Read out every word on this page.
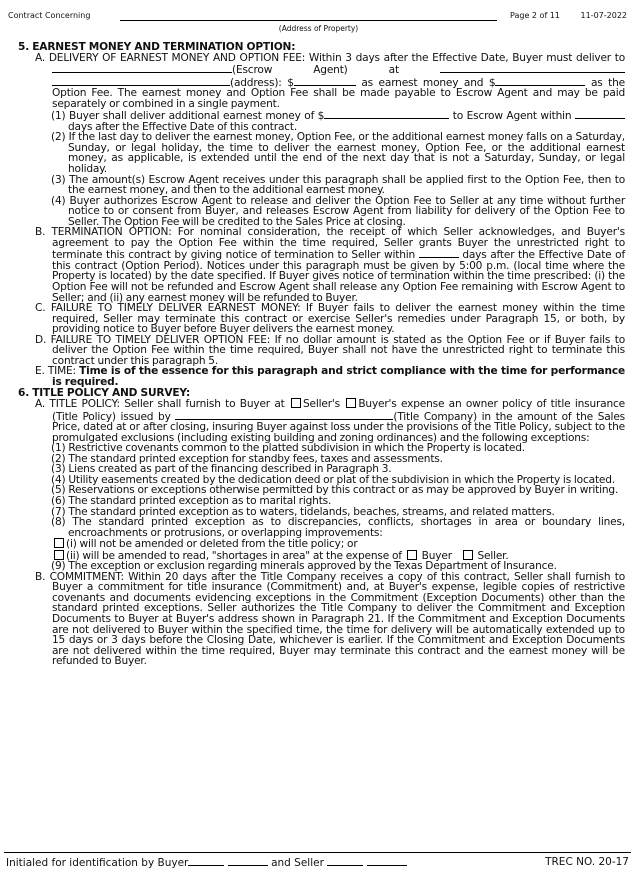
Contract Concerning	Page 2 of 11	11-07-2022
(Address of Property)

5. EARNEST MONEY AND TERMINATION OPTION:

A. DELIVERY OF EARNEST MONEY AND OPTION FEE: Within 3 days after the Effective Date, Buyer must deliver to(Escrow Agent) at (address): $	as earnest money and $	as the Option Fee. The earnest money and Option Fee shall be made payable to Escrow Agent and may be paid separately or combined in a single payment.

(1) Buyer shall deliver additional earnest money of $	to Escrow Agent within  days after the Effective Date of this contract.

(2) If the last day to deliver the earnest money, Option Fee, or the additional earnest money falls on a Saturday, Sunday, or legal holiday, the time to deliver the earnest money, Option Fee, or the additional earnest money, as applicable, is extended until the end of the next day that is not a Saturday, Sunday, or legal holiday.

(3) The amount(s) Escrow Agent receives under this paragraph shall be applied first to the Option Fee, then to the earnest money, and then to the additional earnest money.

(4) Buyer authorizes Escrow Agent to release and deliver the Option Fee to Seller at any time without further notice to or consent from Buyer, and releases Escrow Agent from liability for delivery of the Option Fee to Seller. The Option Fee will be credited to the Sales Price at closing.

B. TERMINATION OPTION: For nominal consideration, the receipt of which Seller acknowledges, and Buyer's agreement to pay the Option Fee within the time required, Seller grants Buyer the unrestricted right to terminate this contract by giving notice of termination to Seller within	days after the Effective Date of this contract (Option Period). Notices under this paragraph must be given by 5:00 p.m. (local time where the Property is located) by the date specified. If Buyer gives notice of termination within the time prescribed: (i) the Option Fee will not be refunded and Escrow Agent shall release any Option Fee remaining with Escrow Agent to Seller; and (ii) any earnest money will be refunded to Buyer.

C. FAILURE TO TIMELY DELIVER EARNEST MONEY: If Buyer fails to deliver the earnest money within the time required, Seller may terminate this contract or exercise Seller's remedies under Paragraph 15, or both, by providing notice to Buyer before Buyer delivers the earnest money.

D. FAILURE TO TIMELY DELIVER OPTION FEE: If no dollar amount is stated as the Option Fee or if Buyer fails to deliver the Option Fee within the time required, Buyer shall not have the unrestricted right to terminate this contract under this paragraph 5.

E. TIME: Time is of the essence for this paragraph and strict compliance with the time for performance is required.

6. TITLE POLICY AND SURVEY:

A. TITLE POLICY: Seller shall furnish to Buyer at Seller's Buyer's expense an owner policy of title insurance (Title Policy) issued by	(Title Company) in the amount of the Sales Price, dated at or after closing, insuring Buyer against loss under the provisions of the Title Policy, subject to the promulgated exclusions (including existing building and zoning ordinances) and the following exceptions:

(1) Restrictive covenants common to the platted subdivision in which the Property is located.

(2) The standard printed exception for standby fees, taxes and assessments.

(3) Liens created as part of the financing described in Paragraph 3.

(4) Utility easements created by the dedication deed or plat of the subdivision in which the Property is located.

(5) Reservations or exceptions otherwise permitted by this contract or as may be approved by Buyer in writing.

(6) The standard printed exception as to marital rights.

(7) The standard printed exception as to waters, tidelands, beaches, streams, and related matters.

(8) The standard printed exception as to discrepancies, conflicts, shortages in area or boundary lines, encroachments or protrusions, or overlapping improvements:

(i) will not be amended or deleted from the title policy; or

(ii) will be amended to read, "shortages in area" at the expense of Buyer Seller.

(9) The exception or exclusion regarding minerals approved by the Texas Department of Insurance.

B. COMMITMENT: Within 20 days after the Title Company receives a copy of this contract, Seller shall furnish to Buyer a commitment for title insurance (Commitment) and, at Buyer's expense, legible copies of restrictive covenants and documents evidencing exceptions in the Commitment (Exception Documents) other than the standard printed exceptions. Seller authorizes the Title Company to deliver the Commitment and Exception Documents to Buyer at Buyer's address shown in Paragraph 21. If the Commitment and Exception Documents are not delivered to Buyer within the specified time, the time for delivery will be automatically extended up to 15 days or 3 days before the Closing Date, whichever is earlier. If the Commitment and Exception Documents are not delivered within the time required, Buyer may terminate this contract and the earnest money will be refunded to Buyer.

Initialed for identification by Buyer	and Seller	TREC NO. 20-17
